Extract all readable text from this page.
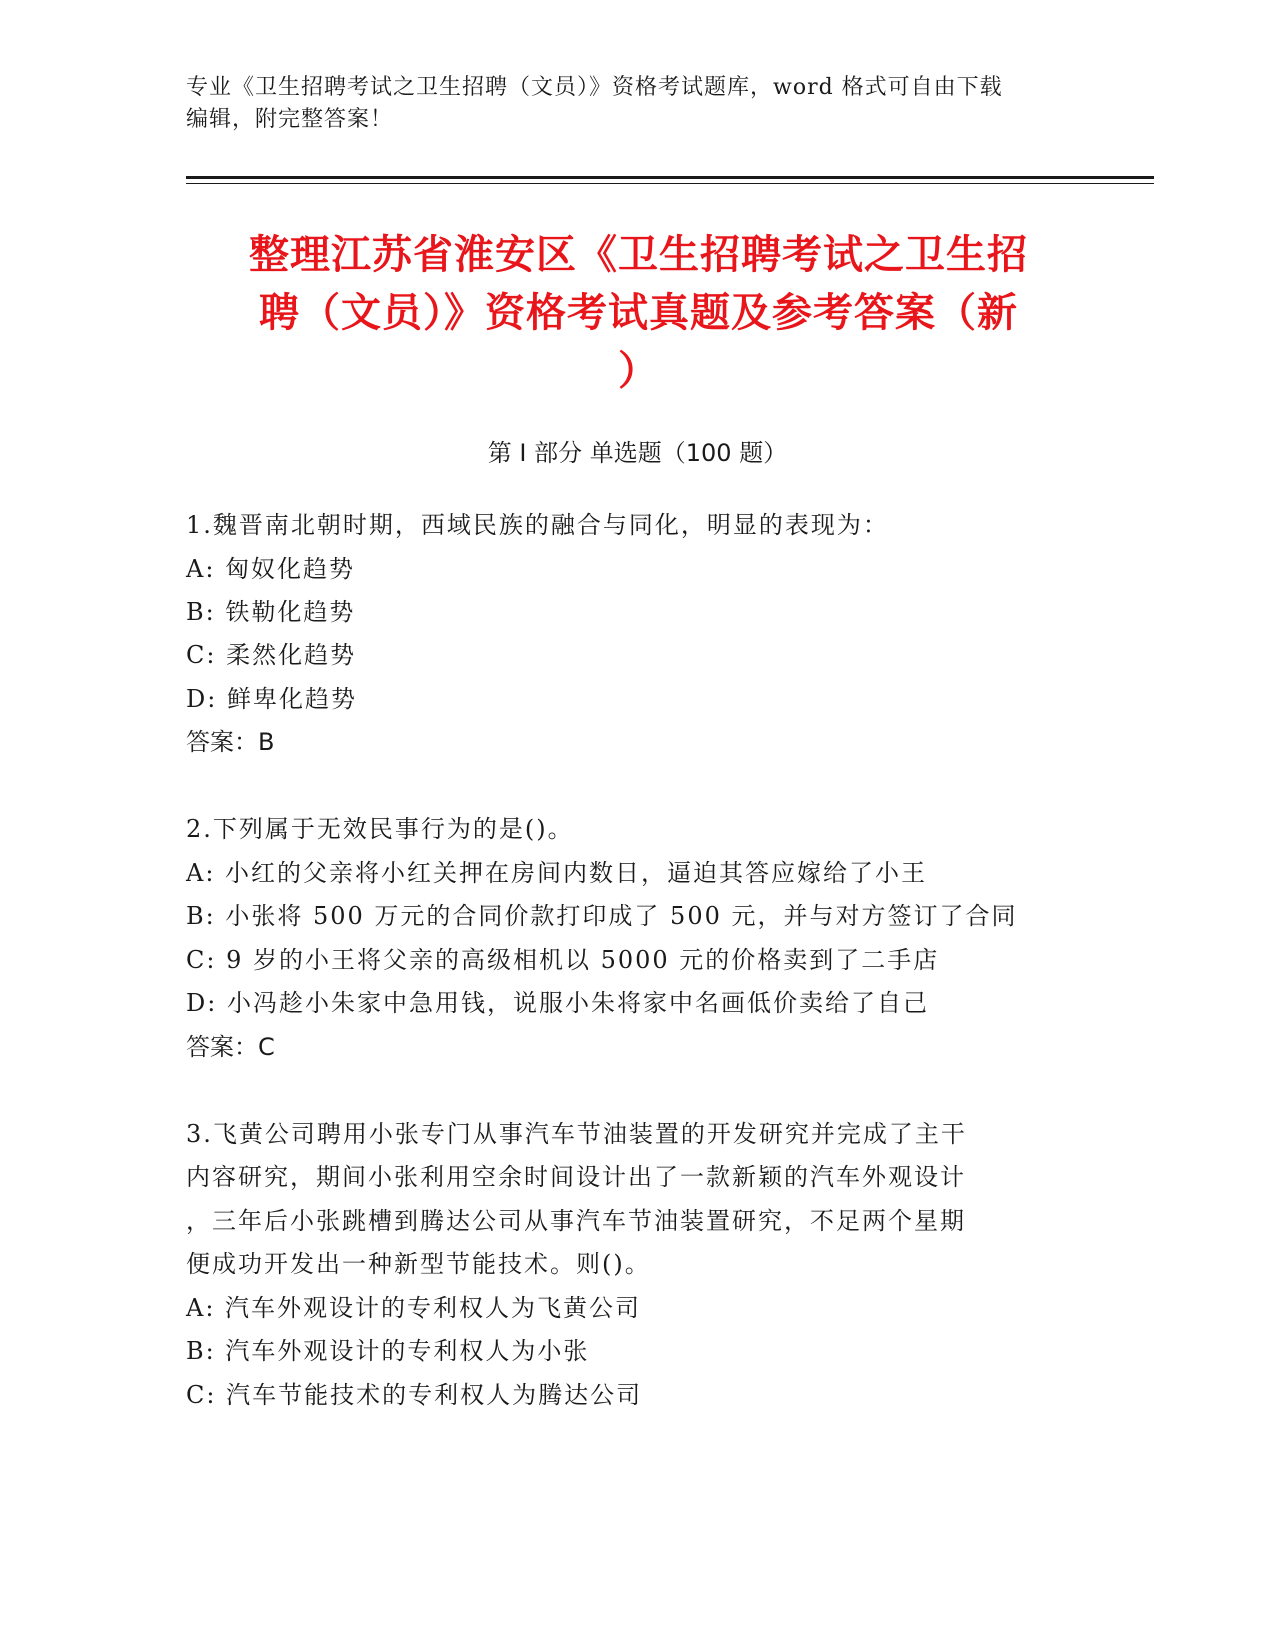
专业《卫生招聘考试之卫生招聘（文员）》资格考试题库，word 格式可自由下载
编辑，附完整答案！
整理江苏省淮安区《卫生招聘考试之卫生招
聘（文员）》资格考试真题及参考答案（新
）
第 I 部分 单选题（100 题）
1.魏晋南北朝时期，西域民族的融合与同化，明显的表现为：
A: 匈奴化趋势
B: 铁勒化趋势
C: 柔然化趋势
D: 鲜卑化趋势
答案：B
2.下列属于无效民事行为的是()。
A: 小红的父亲将小红关押在房间内数日，逼迫其答应嫁给了小王
B: 小张将 500 万元的合同价款打印成了 500 元，并与对方签订了合同
C: 9 岁的小王将父亲的高级相机以 5000 元的价格卖到了二手店
D: 小冯趁小朱家中急用钱，说服小朱将家中名画低价卖给了自己
答案：C
3.飞黄公司聘用小张专门从事汽车节油装置的开发研究并完成了主干
内容研究，期间小张利用空余时间设计出了一款新颖的汽车外观设计
，三年后小张跳槽到腾达公司从事汽车节油装置研究，不足两个星期
便成功开发出一种新型节能技术。则()。
A: 汽车外观设计的专利权人为飞黄公司
B: 汽车外观设计的专利权人为小张
C: 汽车节能技术的专利权人为腾达公司
